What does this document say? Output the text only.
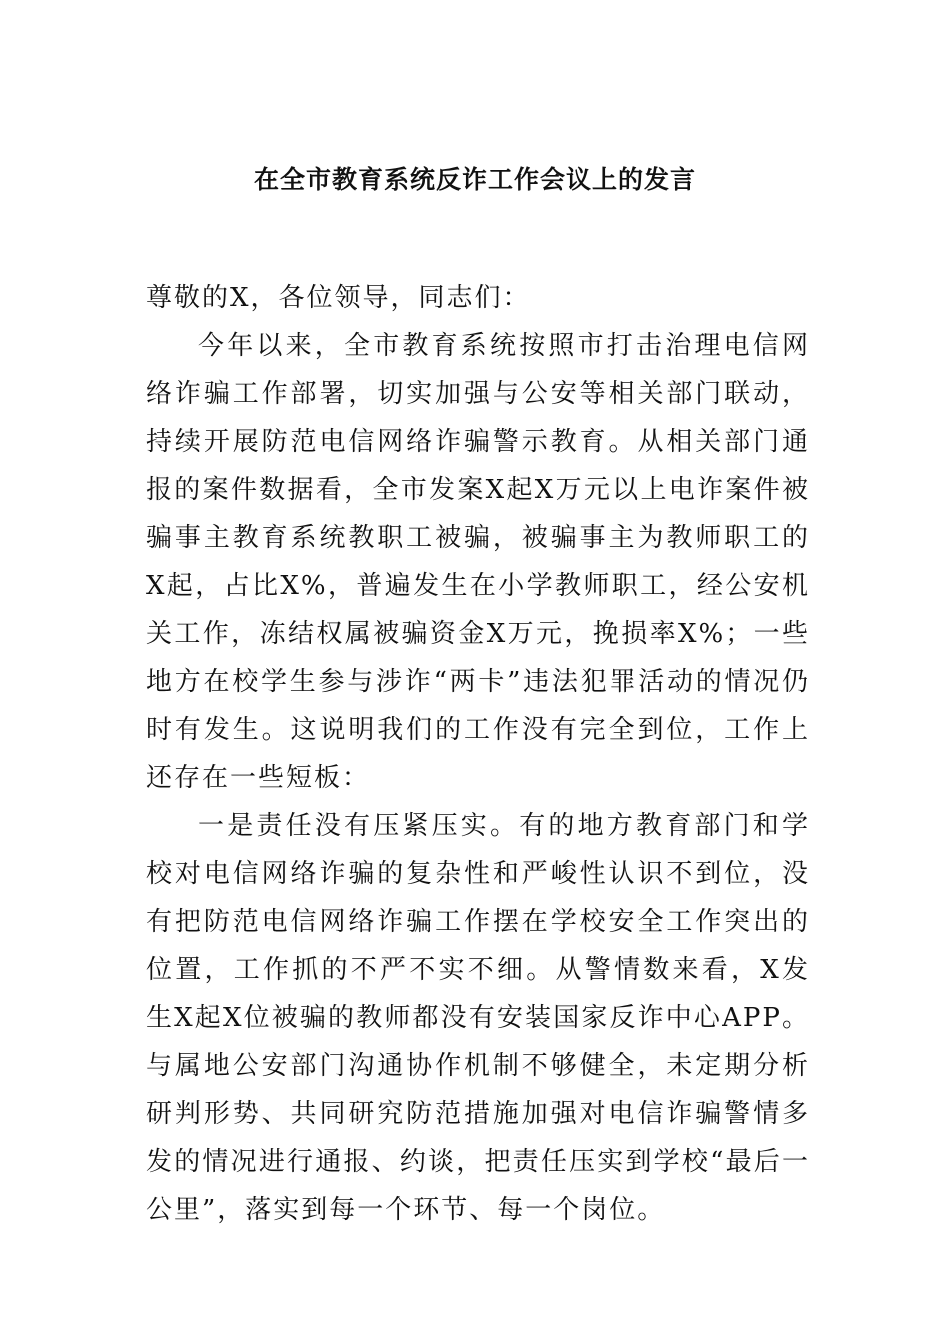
在全市教育系统反诈工作会议上的发言

尊敬的X，各位领导，同志们：

今年以来，全市教育系统按照市打击治理电信网络诈骗工作部署，切实加强与公安等相关部门联动，持续开展防范电信网络诈骗警示教育。从相关部门通报的案件数据看，全市发案X起X万元以上电诈案件被骗事主教育系统教职工被骗，被骗事主为教师职工的X起，占比X%，普遍发生在小学教师职工，经公安机关工作，冻结权属被骗资金X万元，挽损率X%；一些地方在校学生参与涉诈“两卡”违法犯罪活动的情况仍时有发生。这说明我们的工作没有完全到位，工作上还存在一些短板：

一是责任没有压紧压实。有的地方教育部门和学校对电信网络诈骗的复杂性和严峻性认识不到位，没有把防范电信网络诈骗工作摆在学校安全工作突出的位置，工作抓的不严不实不细。从警情数来看，X发生X起X位被骗的教师都没有安装国家反诈中心APP。与属地公安部门沟通协作机制不够健全，未定期分析研判形势、共同研究防范措施加强对电信诈骗警情多发的情况进行通报、约谈，把责任压实到学校“最后一公里”，落实到每一个环节、每一个岗位。
